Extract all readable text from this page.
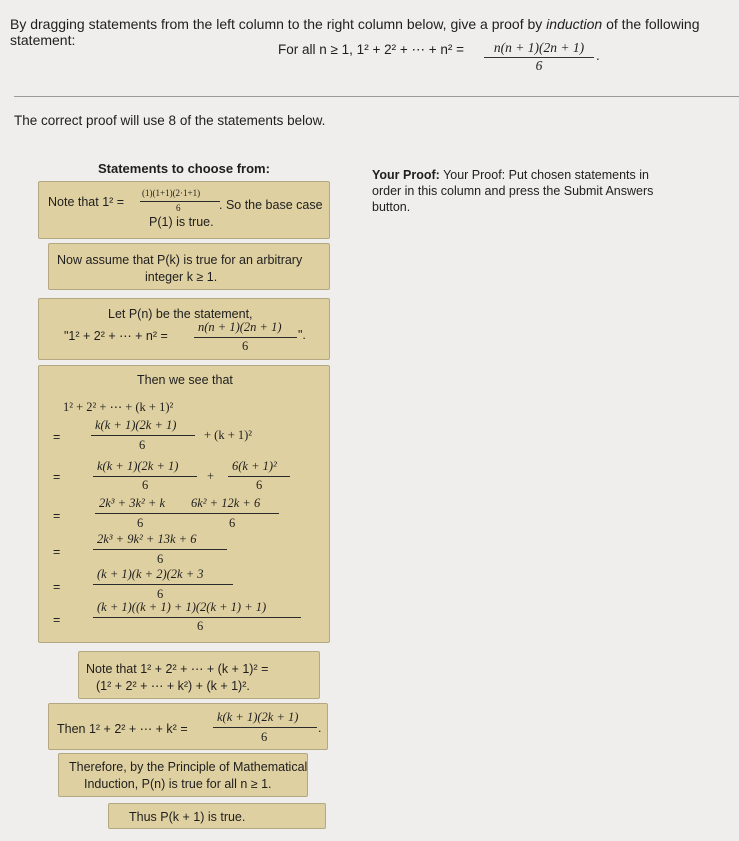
By dragging statements from the left column to the right column below, give a proof by induction of the following statement:
For all n ≥ 1, 1² + 2² + ⋯ + $n^2 = \frac{n(n + 1)(2n + 1)}{6}$ .
The correct proof will use 8 of the statements below.
Statements to choose from:	Your Proof: Your Proof: Put chosen statements in order in this column and press the Submit Answers button.
Note that 1² =
(1)(1+1)(2·1+1)
6	. So the base case
P(1) is true.
Now assume that P(k) is true for an arbitrary
integer k ≥ 1.
Let P(n) be the statement,
"1² + 2² + ⋯ + n² =
n(n + 1)(2n + 1)
6
".
Then we see that
1² + 2² + ⋯ + (k + 1)²
=
k(k + 1)(2k + 1)
6
+ (k + 1)²
=
k(k + 1)(2k + 1)
6
+
6(k + 1)²
6
=
2k³ + 3k² + k
6
6k² + 12k + 6
6
=
2k³ + 9k² + 13k + 6
6
=
(k + 1)(k + 2)(2k + 3
6
=
(k + 1)((k + 1) + 1)(2(k + 1) + 1)
6
Note that 1² + 2² + ⋯ + (k + 1)² =
(1² + 2² + ⋯ + k²) + (k + 1)².
Then 1² + 2² + ⋯ + k² =
k(k + 1)(2k + 1)
6
.
Therefore, by the Principle of Mathematical
Induction, P(n) is true for all n ≥ 1.
Thus P(k + 1) is true.
